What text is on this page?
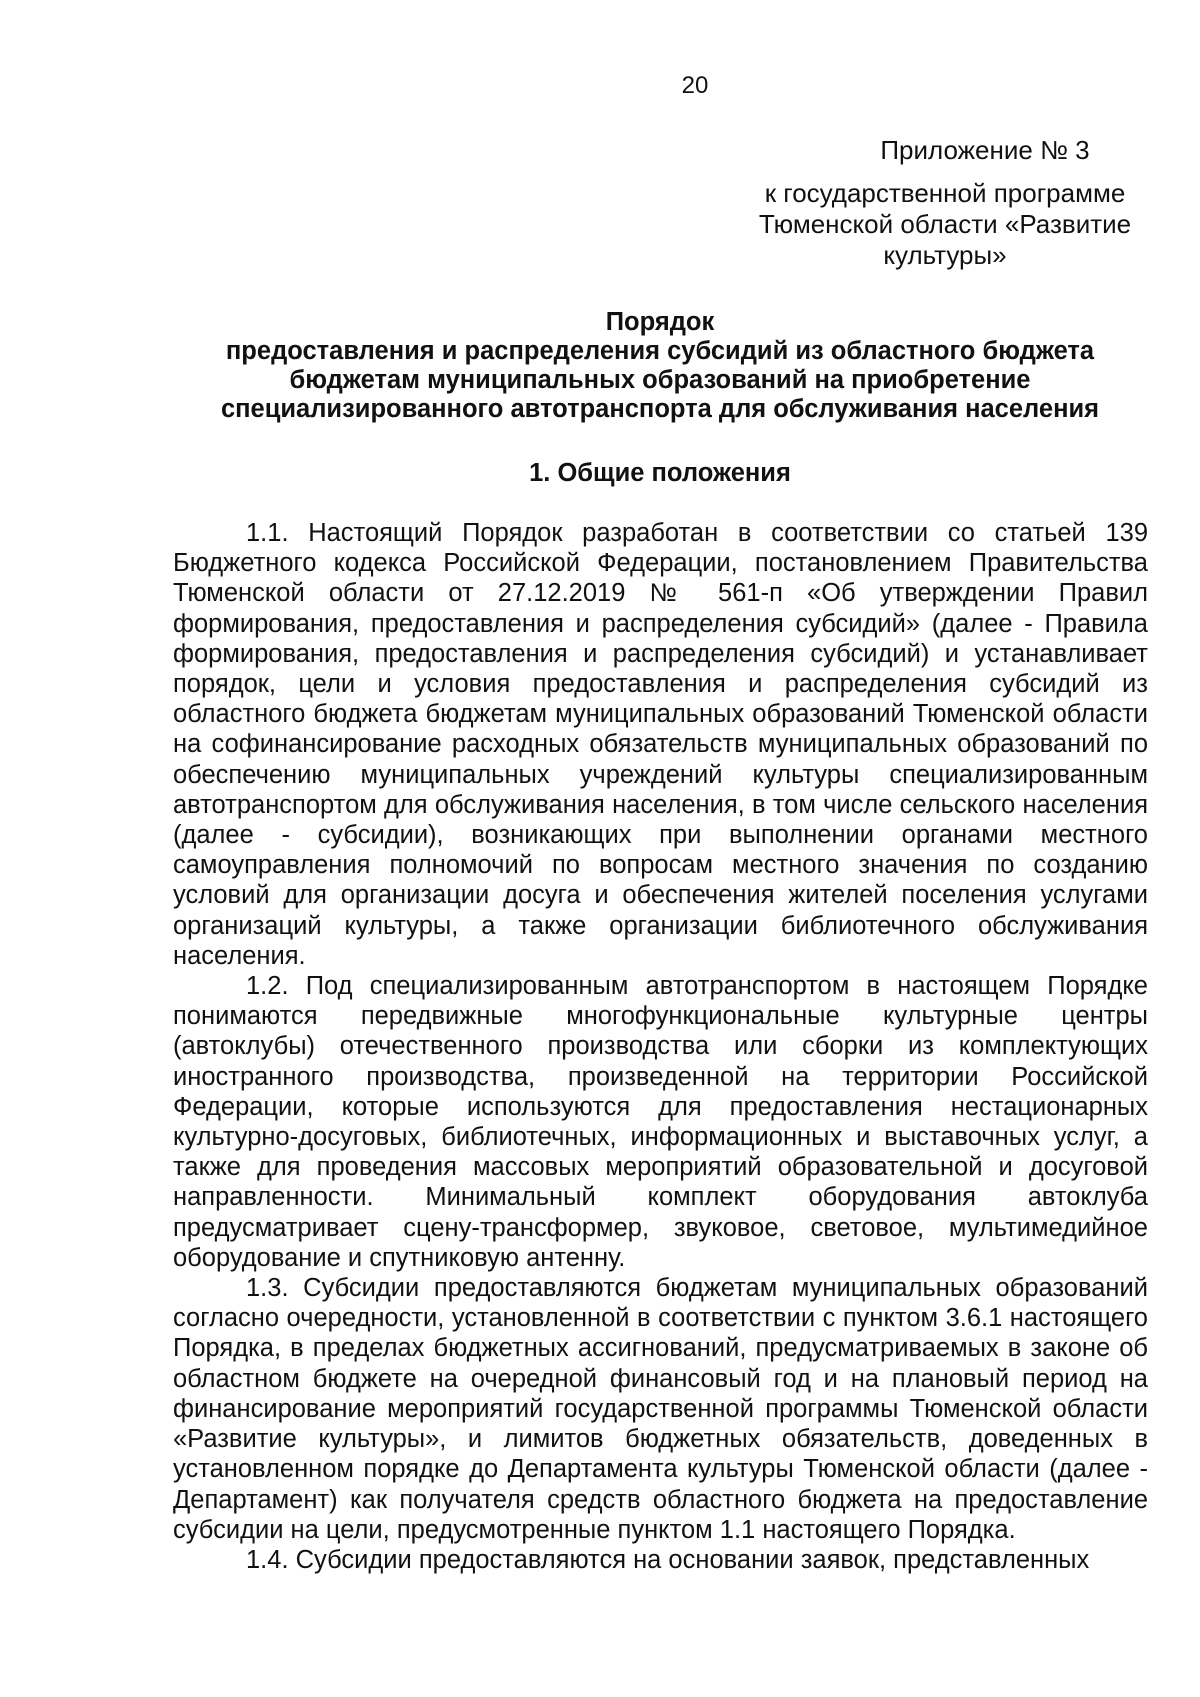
20
Приложение № 3
к государственной программе
Тюменской области «Развитие
культуры»
Порядок
предоставления и распределения субсидий из областного бюджета
бюджетам муниципальных образований на приобретение
специализированного автотранспорта для обслуживания населения
1. Общие положения

1.1. Настоящий Порядок разработан в соответствии со статьей 139 Бюджетного кодекса Российской Федерации, постановлением Правительства Тюменской области от 27.12.2019 № 561-п «Об утверждении Правил формирования, предоставления и распределения субсидий» (далее - Правила формирования, предоставления и распределения субсидий) и устанавливает порядок, цели и условия предоставления и распределения субсидий из областного бюджета бюджетам муниципальных образований Тюменской области на софинансирование расходных обязательств муниципальных образований по обеспечению муниципальных учреждений культуры специализированным автотранспортом для обслуживания населения, в том числе сельского населения (далее - субсидии), возникающих при выполнении органами местного самоуправления полномочий по вопросам местного значения по созданию условий для организации досуга и обеспечения жителей поселения услугами организаций культуры, а также организации библиотечного обслуживания населения.

1.2. Под специализированным автотранспортом в настоящем Порядке понимаются передвижные многофункциональные культурные центры (автоклубы) отечественного производства или сборки из комплектующих иностранного производства, произведенной на территории Российской Федерации, которые используются для предоставления нестационарных культурно-досуговых, библиотечных, информационных и выставочных услуг, а также для проведения массовых мероприятий образовательной и досуговой направленности. Минимальный комплект оборудования автоклуба предусматривает сцену-трансформер, звуковое, световое, мультимедийное оборудование и спутниковую антенну.

1.3. Субсидии предоставляются бюджетам муниципальных образований согласно очередности, установленной в соответствии с пунктом 3.6.1 настоящего Порядка, в пределах бюджетных ассигнований, предусматриваемых в законе об областном бюджете на очередной финансовый год и на плановый период на финансирование мероприятий государственной программы Тюменской области «Развитие культуры», и лимитов бюджетных обязательств, доведенных в установленном порядке до Департамента культуры Тюменской области (далее - Департамент) как получателя средств областного бюджета на предоставление субсидии на цели, предусмотренные пунктом 1.1 настоящего Порядка.

1.4. Субсидии предоставляются на основании заявок, представленных
